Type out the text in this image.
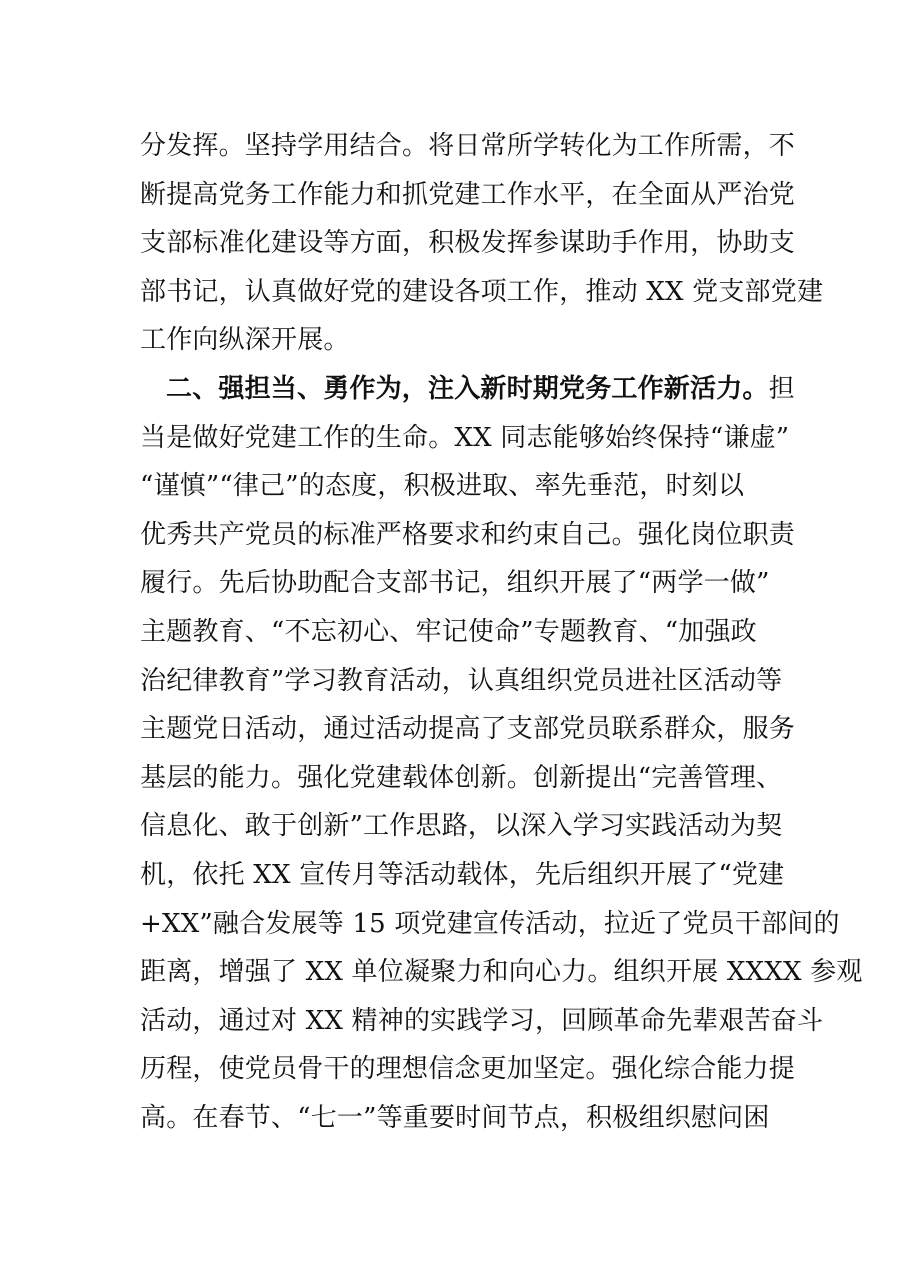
分发挥。坚持学用结合。将日常所学转化为工作所需，不
断提高党务工作能力和抓党建工作水平，在全面从严治党
支部标准化建设等方面，积极发挥参谋助手作用，协助支
部书记，认真做好党的建设各项工作，推动 XX 党支部党建
工作向纵深开展。
二、强担当、勇作为，注入新时期党务工作新活力。担
当是做好党建工作的生命。XX 同志能够始终保持“谦虚”
“谨慎”“律己”的态度，积极进取、率先垂范，时刻以
优秀共产党员的标准严格要求和约束自己。强化岗位职责
履行。先后协助配合支部书记，组织开展了“两学一做”
主题教育、“不忘初心、牢记使命”专题教育、“加强政
治纪律教育”学习教育活动，认真组织党员进社区活动等
主题党日活动，通过活动提高了支部党员联系群众，服务
基层的能力。强化党建载体创新。创新提出“完善管理、
信息化、敢于创新”工作思路，以深入学习实践活动为契
机，依托 XX 宣传月等活动载体，先后组织开展了“党建
+XX”融合发展等 15 项党建宣传活动，拉近了党员干部间的
距离，增强了 XX 单位凝聚力和向心力。组织开展 XXXX 参观
活动，通过对 XX 精神的实践学习，回顾革命先辈艰苦奋斗
历程，使党员骨干的理想信念更加坚定。强化综合能力提
高。在春节、“七一”等重要时间节点，积极组织慰问困
